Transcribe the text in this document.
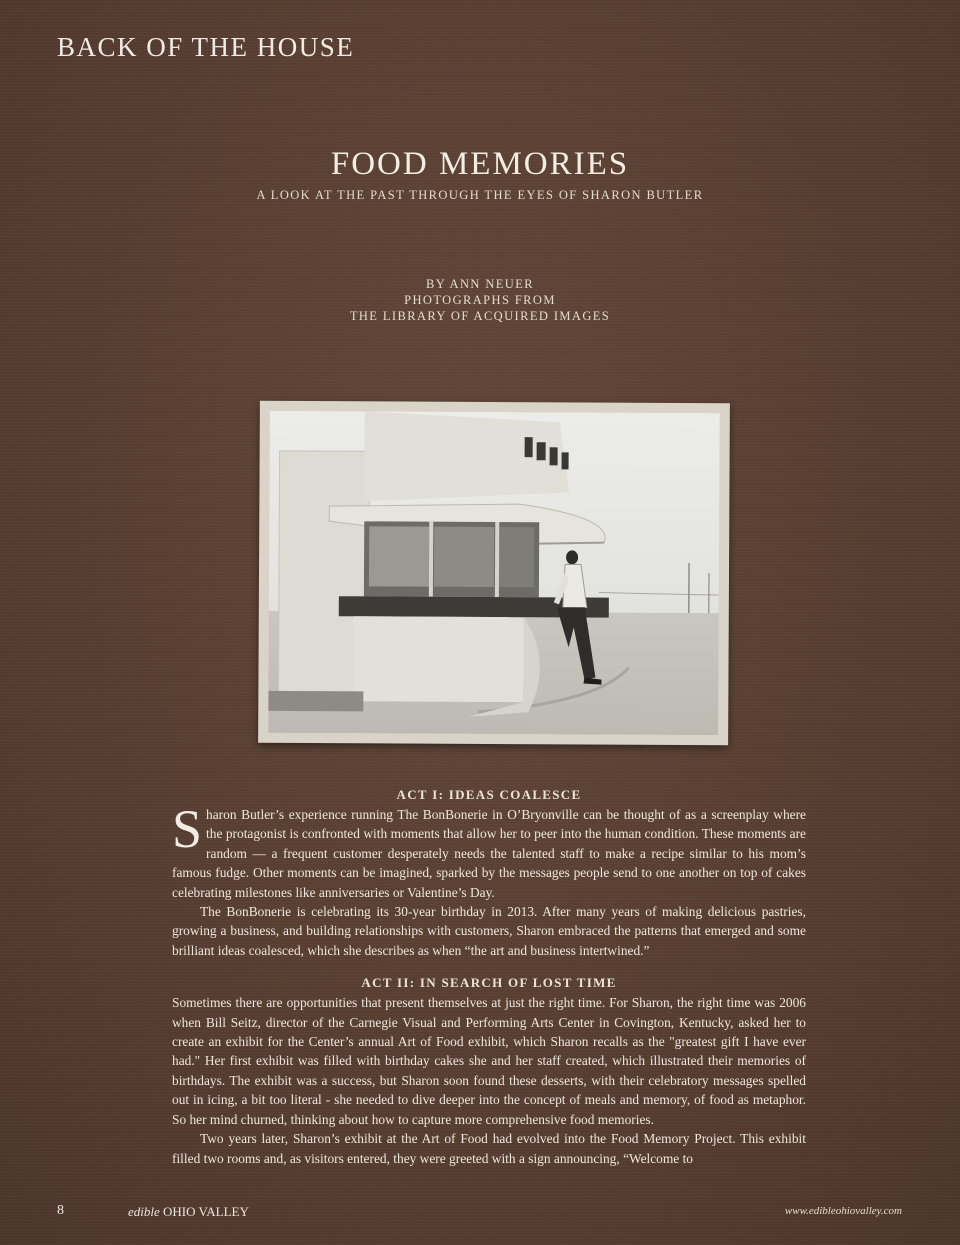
BACK OF THE HOUSE
FOOD MEMORIES
A LOOK AT THE PAST THROUGH THE EYES OF SHARON BUTLER
BY ANN NEUER
PHOTOGRAPHS FROM
THE LIBRARY OF ACQUIRED IMAGES
ACT I: IDEAS COALESCE

Sharon Butler’s experience running The BonBonerie in O’Bryonville can be thought of as a screenplay where the protagonist is confronted with moments that allow her to peer into the human condition. These moments are random — a frequent customer desperately needs the talented staff to make a recipe similar to his mom’s famous fudge. Other moments can be imagined, sparked by the messages people send to one another on top of cakes celebrating milestones like anniversaries or Valentine’s Day.

The BonBonerie is celebrating its 30-year birthday in 2013. After many years of making delicious pastries, growing a business, and building relationships with customers, Sharon embraced the patterns that emerged and some brilliant ideas coalesced, which she describes as when “the art and business intertwined.”

ACT II: IN SEARCH OF LOST TIME

Sometimes there are opportunities that present themselves at just the right time. For Sharon, the right time was 2006 when Bill Seitz, director of the Carnegie Visual and Performing Arts Center in Covington, Kentucky, asked her to create an exhibit for the Center’s annual Art of Food exhibit, which Sharon recalls as the "greatest gift I have ever had." Her first exhibit was filled with birthday cakes she and her staff created, which illustrated their memories of birthdays. The exhibit was a success, but Sharon soon found these desserts, with their celebratory messages spelled out in icing, a bit too literal - she needed to dive deeper into the concept of meals and memory, of food as metaphor. So her mind churned, thinking about how to capture more comprehensive food memories.

Two years later, Sharon’s exhibit at the Art of Food had evolved into the Food Memory Project. This exhibit filled two rooms and, as visitors entered, they were greeted with a sign announcing, “Welcome to

8	edible OHIO VALLEY	www.edibleohiovalley.com
